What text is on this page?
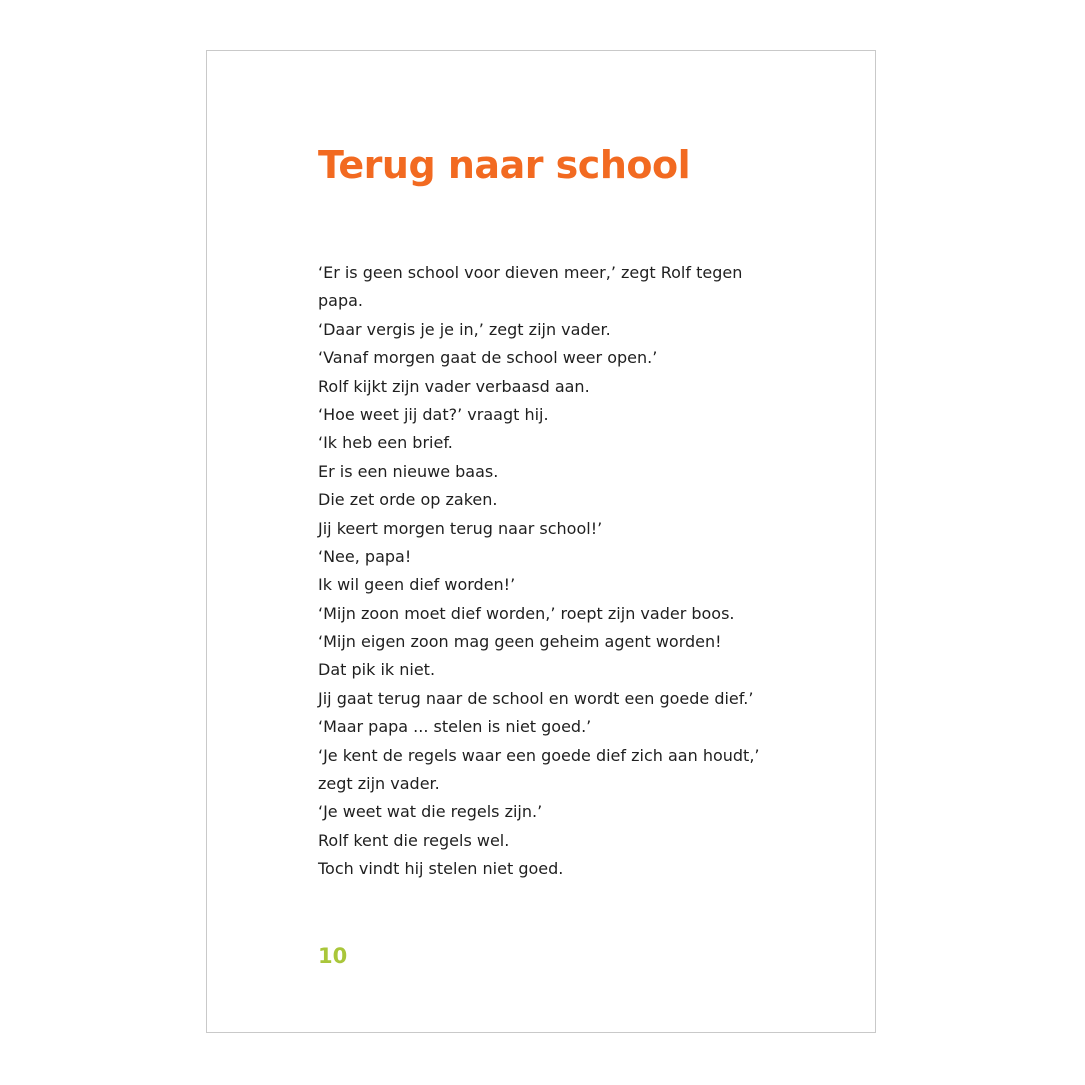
Terug naar school
‘Er is geen school voor dieven meer,’ zegt Rolf tegen
papa.
‘Daar vergis je je in,’ zegt zijn vader.
‘Vanaf morgen gaat de school weer open.’
Rolf kijkt zijn vader verbaasd aan.
‘Hoe weet jij dat?’ vraagt hij.
‘Ik heb een brief.
Er is een nieuwe baas.
Die zet orde op zaken.
Jij keert morgen terug naar school!’
‘Nee, papa!
Ik wil geen dief worden!’
‘Mijn zoon moet dief worden,’ roept zijn vader boos.
‘Mijn eigen zoon mag geen geheim agent worden!
Dat pik ik niet.
Jij gaat terug naar de school en wordt een goede dief.’
‘Maar papa ... stelen is niet goed.’
‘Je kent de regels waar een goede dief zich aan houdt,’
zegt zijn vader.
‘Je weet wat die regels zijn.’
Rolf kent die regels wel.
Toch vindt hij stelen niet goed.
10
